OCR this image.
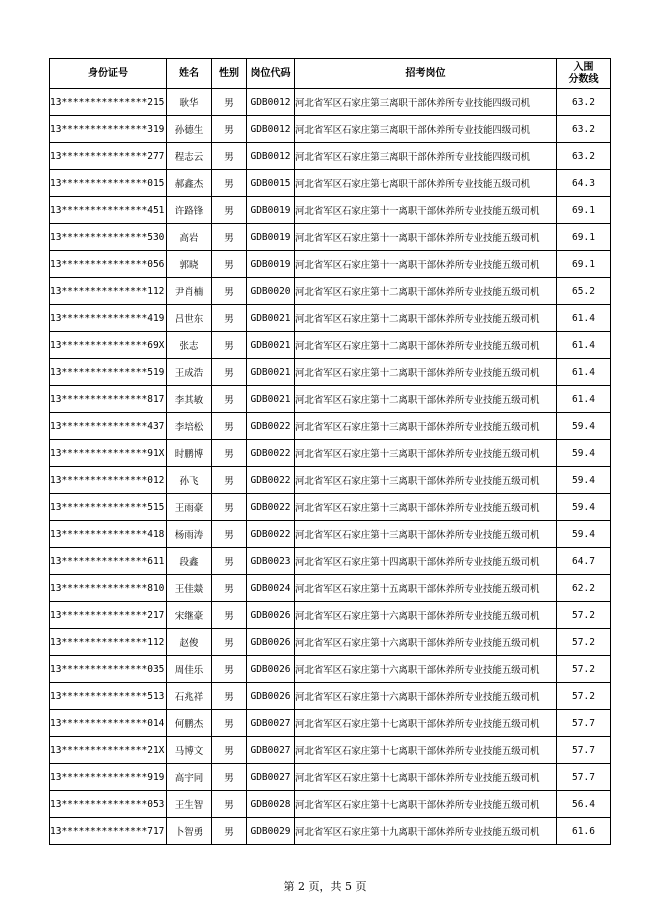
身份证号	姓名	性别	岗位代码	招考岗位	入围
分数线
13***************215	耿华	男	GDB0012	河北省军区石家庄第三离职干部休养所专业技能四级司机	63.2
13***************319	孙德生	男	GDB0012	河北省军区石家庄第三离职干部休养所专业技能四级司机	63.2
13***************277	程志云	男	GDB0012	河北省军区石家庄第三离职干部休养所专业技能四级司机	63.2
13***************015	郝鑫杰	男	GDB0015	河北省军区石家庄第七离职干部休养所专业技能五级司机	64.3
13***************451	许路锋	男	GDB0019	河北省军区石家庄第十一离职干部休养所专业技能五级司机	69.1
13***************530	高岩	男	GDB0019	河北省军区石家庄第十一离职干部休养所专业技能五级司机	69.1
13***************056	郭晓	男	GDB0019	河北省军区石家庄第十一离职干部休养所专业技能五级司机	69.1
13***************112	尹肖楠	男	GDB0020	河北省军区石家庄第十二离职干部休养所专业技能五级司机	65.2
13***************419	吕世东	男	GDB0021	河北省军区石家庄第十二离职干部休养所专业技能五级司机	61.4
13***************69X	张志	男	GDB0021	河北省军区石家庄第十二离职干部休养所专业技能五级司机	61.4
13***************519	王成浩	男	GDB0021	河北省军区石家庄第十二离职干部休养所专业技能五级司机	61.4
13***************817	李其敏	男	GDB0021	河北省军区石家庄第十二离职干部休养所专业技能五级司机	61.4
13***************437	李培松	男	GDB0022	河北省军区石家庄第十三离职干部休养所专业技能五级司机	59.4
13***************91X	时鹏博	男	GDB0022	河北省军区石家庄第十三离职干部休养所专业技能五级司机	59.4
13***************012	孙飞	男	GDB0022	河北省军区石家庄第十三离职干部休养所专业技能五级司机	59.4
13***************515	王雨豪	男	GDB0022	河北省军区石家庄第十三离职干部休养所专业技能五级司机	59.4
13***************418	杨雨涛	男	GDB0022	河北省军区石家庄第十三离职干部休养所专业技能五级司机	59.4
13***************611	段鑫	男	GDB0023	河北省军区石家庄第十四离职干部休养所专业技能五级司机	64.7
13***************810	王佳燚	男	GDB0024	河北省军区石家庄第十五离职干部休养所专业技能五级司机	62.2
13***************217	宋继豪	男	GDB0026	河北省军区石家庄第十六离职干部休养所专业技能五级司机	57.2
13***************112	赵俊	男	GDB0026	河北省军区石家庄第十六离职干部休养所专业技能五级司机	57.2
13***************035	周佳乐	男	GDB0026	河北省军区石家庄第十六离职干部休养所专业技能五级司机	57.2
13***************513	石兆祥	男	GDB0026	河北省军区石家庄第十六离职干部休养所专业技能五级司机	57.2
13***************014	何鹏杰	男	GDB0027	河北省军区石家庄第十七离职干部休养所专业技能五级司机	57.7
13***************21X	马博文	男	GDB0027	河北省军区石家庄第十七离职干部休养所专业技能五级司机	57.7
13***************919	高宇同	男	GDB0027	河北省军区石家庄第十七离职干部休养所专业技能五级司机	57.7
13***************053	王生智	男	GDB0028	河北省军区石家庄第十七离职干部休养所专业技能五级司机	56.4
13***************717	卜智勇	男	GDB0029	河北省军区石家庄第十九离职干部休养所专业技能五级司机	61.6
第 2 页，共 5 页
